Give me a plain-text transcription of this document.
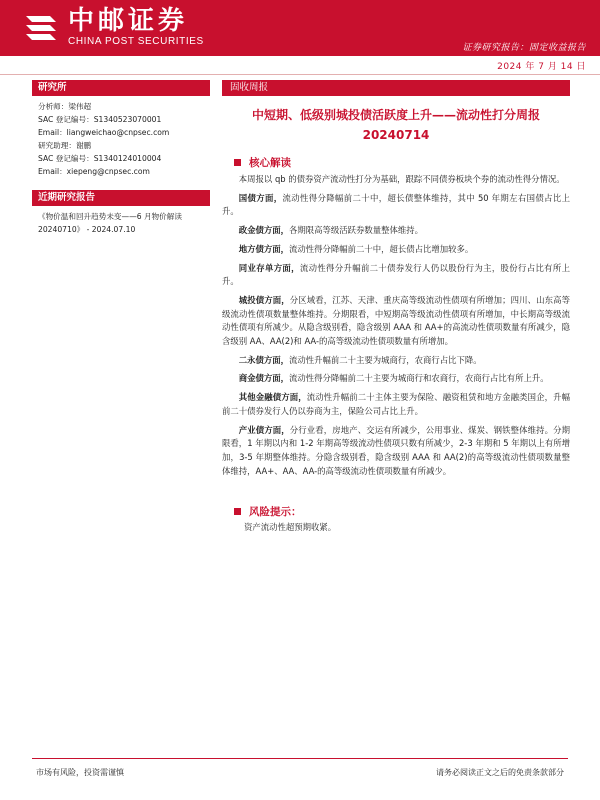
中邮证券
CHINA POST SECURITIES
证券研究报告：固定收益报告
2024 年 7 月 14 日
研究所
分析师：梁伟超
SAC 登记编号：S1340523070001
Email：liangweichao@cnpsec.com
研究助理：谢鹏
SAC 登记编号：S1340124010004
Email：xiepeng@cnpsec.com
近期研究报告
《物价温和回升趋势未变——6 月物价解读 20240710》 - 2024.07.10
固收周报
中短期、低级别城投债活跃度上升——流动性打分周报 20240714
核心解读

本周报以 qb 的债券资产流动性打分为基础，跟踪不同债券板块个券的流动性得分情况。

国债方面，流动性得分降幅前二十中，超长债整体维持，其中 50 年期左右国债占比上升。

政金债方面，各期限高等级活跃券数量整体维持。

地方债方面，流动性得分降幅前二十中，超长债占比增加较多。

同业存单方面，流动性得分升幅前二十债券发行人仍以股份行为主，股份行占比有所上升。

城投债方面，分区域看，江苏、天津、重庆高等级流动性债项有所增加；四川、山东高等级流动性债项数量整体维持。分期限看，中短期高等级流动性债项有所增加，中长期高等级流动性债项有所减少。从隐含级别看，隐含级别 AAA 和 AA+的高流动性债项数量有所减少，隐含级别 AA、AA(2)和 AA-的高等级流动性债项数量有所增加。

二永债方面，流动性升幅前二十主要为城商行，农商行占比下降。

商金债方面，流动性得分降幅前二十主要为城商行和农商行，农商行占比有所上升。

其他金融债方面，流动性升幅前二十主体主要为保险、融资租赁和地方金融类国企，升幅前二十债券发行人仍以券商为主，保险公司占比上升。

产业债方面，分行业看，房地产、交运有所减少，公用事业、煤炭、钢铁整体维持。分期限看，1 年期以内和 1-2 年期高等级流动性债项只数有所减少，2-3 年期和 5 年期以上有所增加，3-5 年期整体维持。分隐含级别看，隐含级别 AAA 和 AA(2)的高等级流动性债项数量整体维持，AA+、AA、AA-的高等级流动性债项数量有所减少。

风险提示：
资产流动性超预期收紧。
市场有风险，投资需谨慎	请务必阅读正文之后的免责条款部分
